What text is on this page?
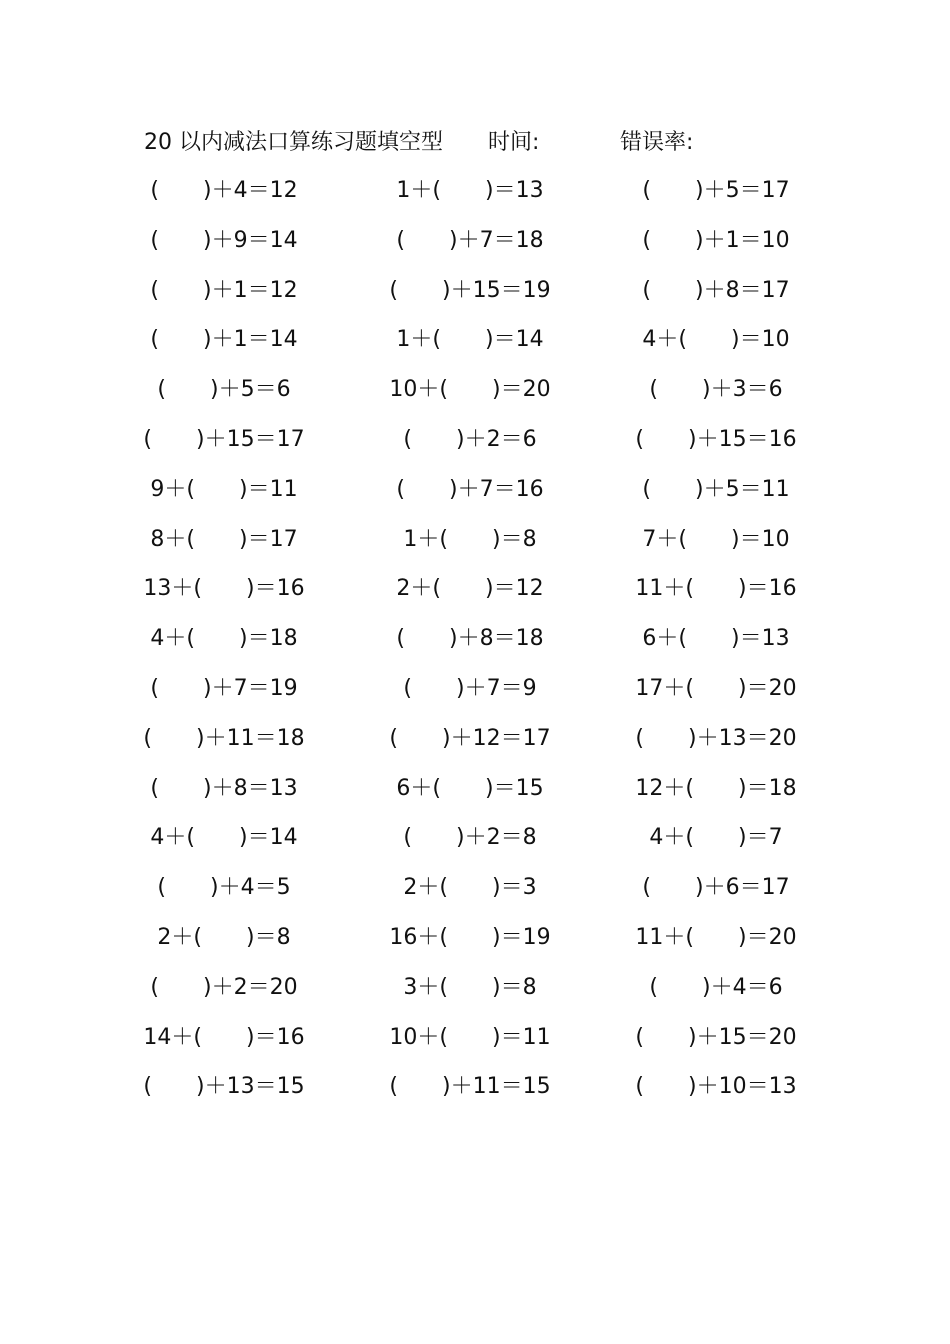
20 以内减法口算练习题填空型 时间:	错误率:
(　　)＋4＝12
(　　)＋9＝14
(　　)＋1＝12
(　　)＋1＝14
(　　)＋5＝6
(　　)＋15＝17
9＋(　　)＝11
8＋(　　)＝17
13＋(　　)＝16
4＋(　　)＝18
(　　)＋7＝19
(　　)＋11＝18
(　　)＋8＝13
4＋(　　)＝14
(　　)＋4＝5
2＋(　　)＝8
(　　)＋2＝20
14＋(　　)＝16
(　　)＋13＝15
1＋(　　)＝13
(　　)＋7＝18
(　　)＋15＝19
1＋(　　)＝14
10＋(　　)＝20
(　　)＋2＝6
(　　)＋7＝16
1＋(　　)＝8
2＋(　　)＝12
(　　)＋8＝18
(　　)＋7＝9
(　　)＋12＝17
6＋(　　)＝15
(　　)＋2＝8
2＋(　　)＝3
16＋(　　)＝19
3＋(　　)＝8
10＋(　　)＝11
(　　)＋11＝15
(　　)＋5＝17
(　　)＋1＝10
(　　)＋8＝17
4＋(　　)＝10
(　　)＋3＝6
(　　)＋15＝16
(　　)＋5＝11
7＋(　　)＝10
11＋(　　)＝16
6＋(　　)＝13
17＋(　　)＝20
(　　)＋13＝20
12＋(　　)＝18
4＋(　　)＝7
(　　)＋6＝17
11＋(　　)＝20
(　　)＋4＝6
(　　)＋15＝20
(　　)＋10＝13
